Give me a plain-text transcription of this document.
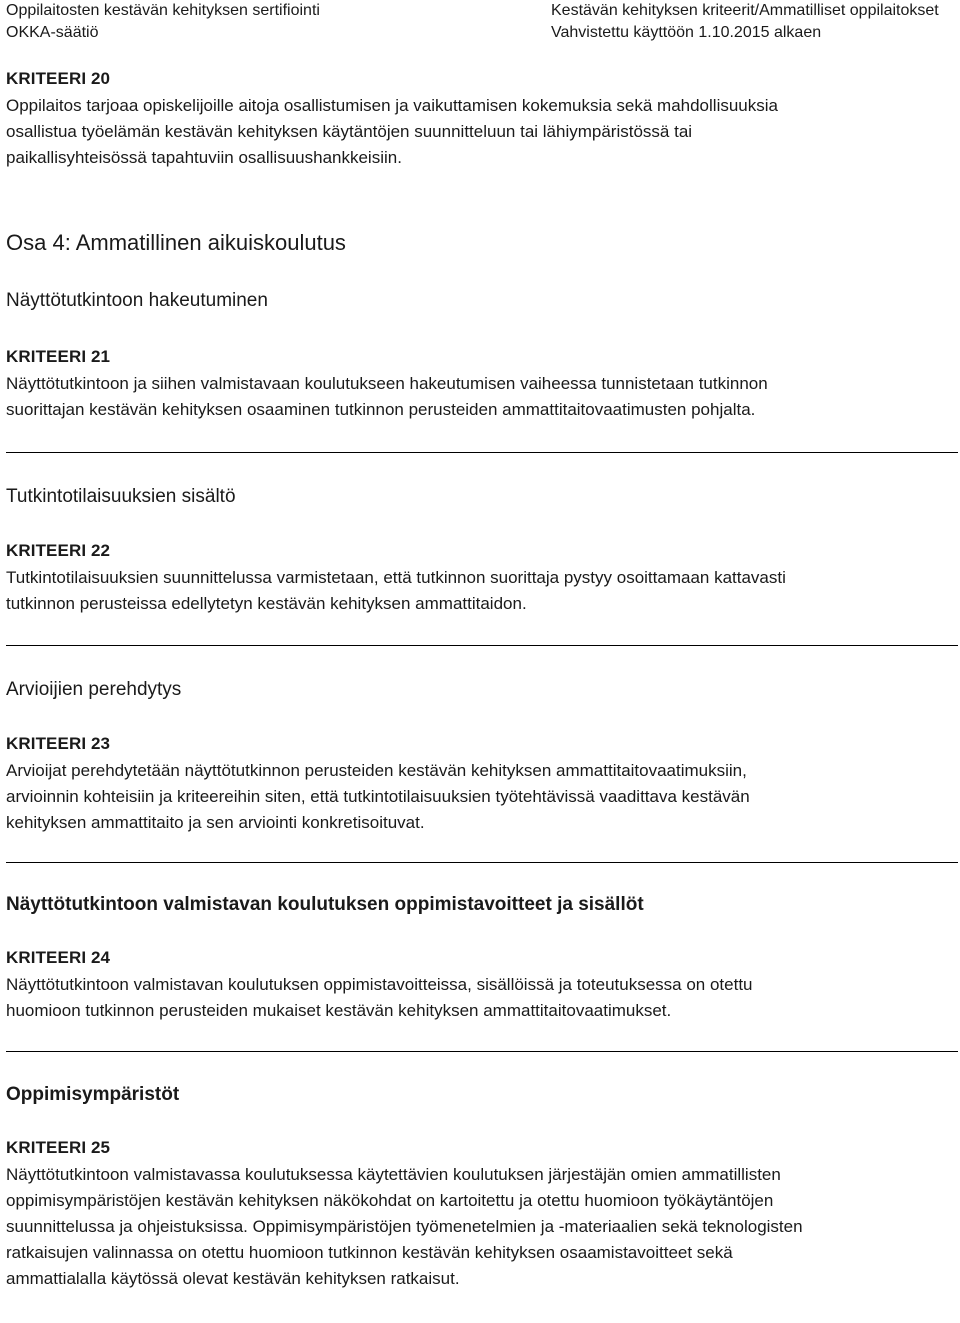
Oppilaitosten kestävän kehityksen sertifiointi
OKKA-säätiö
Kestävän kehityksen kriteerit/Ammatilliset oppilaitokset
Vahvistettu käyttöön 1.10.2015 alkaen

KRITEERI 20

Oppilaitos tarjoaa opiskelijoille aitoja osallistumisen ja vaikuttamisen kokemuksia sekä mahdollisuuksia
osallistua työelämän kestävän kehityksen käytäntöjen suunnitteluun tai lähiympäristössä tai
paikallisyhteisössä tapahtuviin osallisuushankkeisiin.

Osa 4: Ammatillinen aikuiskoulutus
Näyttötutkintoon hakeutuminen

KRITEERI 21

Näyttötutkintoon ja siihen valmistavaan koulutukseen hakeutumisen vaiheessa tunnistetaan tutkinnon
suorittajan kestävän kehityksen osaaminen tutkinnon perusteiden ammattitaitovaatimusten pohjalta.

Tutkintotilaisuuksien sisältö

KRITEERI 22

Tutkintotilaisuuksien suunnittelussa varmistetaan, että tutkinnon suorittaja pystyy osoittamaan kattavasti
tutkinnon perusteissa edellytetyn kestävän kehityksen ammattitaidon.

Arvioijien perehdytys

KRITEERI 23

Arvioijat perehdytetään näyttötutkinnon perusteiden kestävän kehityksen ammattitaitovaatimuksiin,
arvioinnin kohteisiin ja kriteereihin siten, että tutkintotilaisuuksien työtehtävissä vaadittava kestävän
kehityksen ammattitaito ja sen arviointi konkretisoituvat.

Näyttötutkintoon valmistavan koulutuksen oppimistavoitteet ja sisällöt

KRITEERI 24

Näyttötutkintoon valmistavan koulutuksen oppimistavoitteissa, sisällöissä ja toteutuksessa on otettu
huomioon tutkinnon perusteiden mukaiset kestävän kehityksen ammattitaitovaatimukset.

Oppimisympäristöt

KRITEERI 25

Näyttötutkintoon valmistavassa koulutuksessa käytettävien koulutuksen järjestäjän omien ammatillisten
oppimisympäristöjen kestävän kehityksen näkökohdat on kartoitettu ja otettu huomioon työkäytäntöjen
suunnittelussa ja ohjeistuksissa. Oppimisympäristöjen työmenetelmien ja -materiaalien sekä teknologisten
ratkaisujen valinnassa on otettu huomioon tutkinnon kestävän kehityksen osaamistavoitteet sekä
ammattialalla käytössä olevat kestävän kehityksen ratkaisut.
